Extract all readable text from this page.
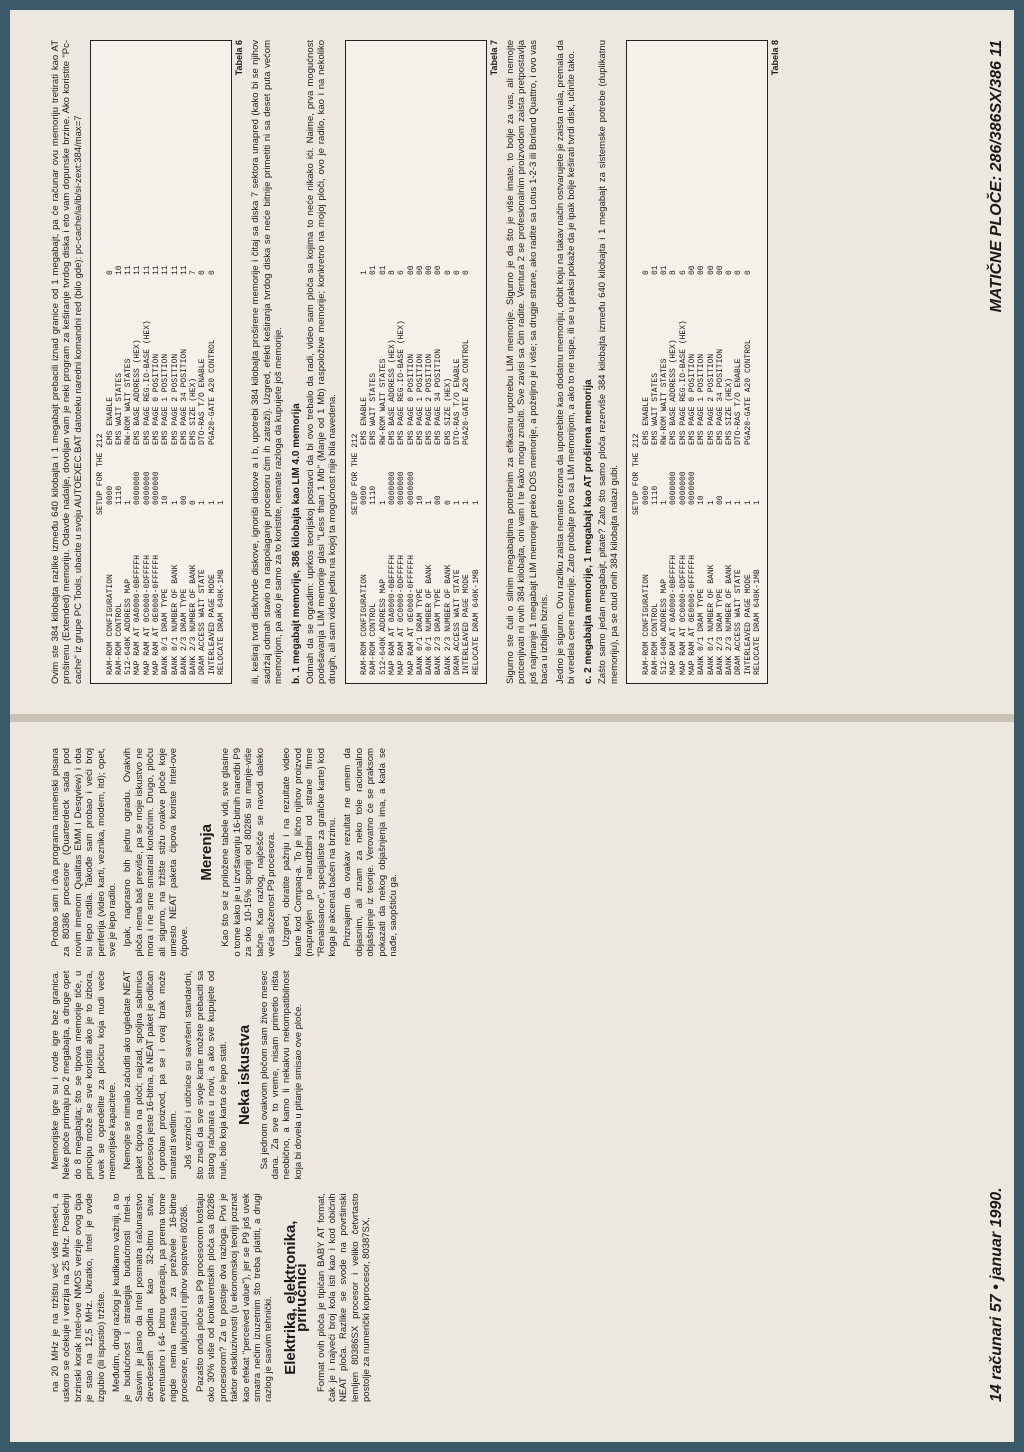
na 20 MHz je na tržištu već više meseci, a uskoro se očekuje i verzija na 25 MHz. Poslednji brzinski korak Intel-ove NMOS verzije ovog čipa je stao na 12,5 MHz. Ukratko, Intel je ovde izgubio (ili ispustio) tržište. Međutim, drugi razlog je kudikamo važniji, a to je budućnost i strategija budućnosti Intel-a. Sasvim je jasno da Intel posmatra računarstvo devedesetih godina kao 32-bitnu stvar, eventualno i 64- bitnu operaciju, pa prema tome nigde nema mesta za preživele 16-bitne procesore, uključujući i njihov sopstveni 80286. Pazašto onda ploče sa P9 procesorom koštaju oko 30% više od konkurentskih ploča sa 80286 procesorom? Za to postoje dva razloga. Prvi je faktor ekskluzivnosti (u ekonomskoj teoriji poznat kao efekat "perceived value"), jer se P9 još uvek smatra nečim izuzetnim što treba platiti, a drugi razlog je sasvim tehnički. Elektrika, elektronika, priručnici Format ovih ploča je tipičan BABY AT format, čak je i najveći broj kola isti kao i kod običnih NEAT ploča. Razlike se svode na površinski lemljen 80386SX procesor i veliko četvrtasto postolje za numerički koprocesor, 80387SX.

Memorijske igre su i ovde igre bez granica. Neke ploče primaju po 2 megabajta, a druge opet do 8 megabajta; što se tipova memorije tiče, u principu može se sve koristiti ako je to izbora, uvek se opredelite za pločicu koja nudi veće memorijske kapacitete. Nemojte se nimalo začuditi ako ugledate NEAT paket čipova na ploči; najzad, spoljna sabirnica procesora jeste 16-bitna, a NEAT paket je odličan i oproban proizvod, pa se i ovaj brak može smatrati svetlim. Još vezničci i utičnice su savršeni standardni, što znači da sve svoje karte možete prebaciti sa starog računara u novi, a ako sve kupujete od nule, bilo koja karta će lepo stati. Neka iskustva Sa jednom ovakvom pločom sam živeo mesec dana. Za sve to vreme, nisam primetio ništa neobično, a kamo li nekakvu nekompatibilnost koja bi dovela u pitanje smisao ove ploče.

Probao sam i dva programa namenski pisana za 80386 procesore (Quarterdeck sada pod novim imenom Qualitas EMM i Desqview) i oba su lepo radila. Takođe sam probao i veći broj periferija (video karti, veznika, modem, itd); opet, sve je lepo radilo. Ipak, naprasno bih jednu ogradu. Ovakvih ploča nema baš previše, pa se moje iskustvo ne mora i ne sme smatrati konačnim. Drugo, ploču ali sigurno, na tržište stižu ovakve ploče koje umesto NEAT paketa čipova koriste Intel-ove čipove.

Merenja Kao što se iz priložene tabele vidi, sve glasine o tome kako je u izvršavanju 16-bitnih naredbi P9 za oko 10-15% sporiji od 80286 su manje-više tačne. Kao razlog, najčešće se navodi daleko veća složenost P9 procesora. Uzgred, obratite pažnju i na rezultate video karte kod Compaq-a. To je lično njihov proizvod (napravljen po narudžbini od strane firme "Renaissance", specijaliste za grafičke karte) kod koga je akcenat bačen na brzinu. Priznajem da ovakav rezultat ne umem da objasnim, ali znam za neko tole racionalno objašnjenje iz teorije. Verovatno će se praksom pokazati da nekog objašnjenja ima, a kada se nađe, saopštiću ga.

14 računari 57 • januar 1990.
Ovim ste 384 kilobajta razlike između 640 kilobajta i 1 megabajt prebacili iznad granice od 1 megabajt, pa će računar ovu memoriju tretirati kao AT proširenu (Extended) memoriju. Odavde nadalje, dovoljan vam je neki program za keširanje tvrdog diska i eto vam dopunske brzine. Ako koristite "Pc-cache" iz grupe PC Tools, ubacite u svoju AUTOEXEC.BAT datoteku naredni komandni red (bilo gde): pc-cache/ia/ib/si-zext:384/max=7 SETUP FOR THE 212
RAM-ROM CONFIGURATION RAM-ROM CONTROL 512-640K ADDRESS MAP MAP RAM AT 0A0000-0BFFFFH MAP RAM AT 0C0000-0DFFFFH MAP RAM AT 0E0000-0FFFFFH BANK 0/1 DRAM TYPE BANK 0/1 NUMBER OF BANK BANK 2/3 DRAM TYPE BANK 2/3 NUMBER OF BANK DRAM ACCESS WAIT STATE INTERLEAVED PAGE MODE RELOCATE DRAM 640K-1MB
0000 1110 1 0000000 0000000 0000000 10 1 00 0 1 1 1
EMS ENABLE EMS WAIT STATES RW-ROM WAIT STATES EMS BASE ADDRESS (HEX) EMS PAGE REG.IO-BASE (HEX) EMS PAGE 0 POSITION EMS PAGE 1 POSITION EMS PAGE 2 POSITION EMS PAGE 34 POSITION EMS SIZE (HEX) DTO-RAS T/O ENABLE PGA20-GATE A20 CONTROL
0 10 11 11 11 11 11 11 11 7 0 0
Tabela 6 ili, keširaj tvrdi disk/tvrde diskove, ignoriši diskove a i b, upotrebi 384 kilobajta proširene memorije i čitaj sa diska 7 sektora unapred (kako bi se njihov sadržaj odmah stavio na raspolaganje procesoru čim ih zatraži). Uzgred, efekti keširanja tvrdog diska se neće bitnije primetiti ni sa deset puta većom memorijom, pa ako je samo za to koristite, nemate razloga da kupujete još memorije. b. 1 megabajt memorije, 386 kilobajta kao LIM 4.0 memorija Odmah da se ogradim: uprkos teorijskoj postavci da bi ovo trebalo da radi, video sam ploča sa kojima to neće nikako ići. Naime, prva mogućnost podešavanja LIM memorije glasi "Less than 1 Mb" (Manje od 1 Mb) raspoložive memorije; konkretno na mojoj ploči, ovo je radilo, kao i na nekoliko drugih, ali sam video jednu na kojoj ta mogućnost nije bila navedena. SETUP FOR THE 212
RAM-ROM CONFIGURATION RAM-ROM CONTROL 512-640K ADDRESS MAP MAP RAM AT 0A0000-0BFFFFH MAP RAM AT 0C0000-0DFFFFH MAP RAM AT 0E0000-0FFFFFH BANK 0/1 DRAM TYPE BANK 0/1 NUMBER OF BANK BANK 2/3 DRAM TYPE BANK 2/3 NUMBER OF BANK DRAM ACCESS WAIT STATE INTERLEAVED PAGE MODE RELOCATE DRAM 640K-1MB
0000 1110 1 0000000 0000000 0000000 10 1 00 0 1 1 1
EMS ENABLE EMS WAIT STATES RW-ROM WAIT STATES EMS BASE ADDRESS (HEX) EMS PAGE REG.IO-BASE (HEX) EMS PAGE 0 POSITION EMS PAGE 1 POSITION EMS PAGE 2 POSITION EMS PAGE 34 POSITION EMS SIZE (HEX) DTO-RAS T/O ENABLE PGA20-GATE A20 CONTROL
1 01 01 8 6 00 00 00 00 0 0 0
Tabela 7 Sigurno ste čuli o silnim megabajtima potrebnim za efikasnu upotrebu LIM memorije. Sigurno je da što je više imate, to bolje za vas, ali nemojte potcenjivati ni ovih 384 kilobajta, oni vam i te kako mogu značiti. Sve zavisi sa čim radite. Ventura 2 se profesionalnim proizvodom zaista pretpostavlja još najmanje 1 megabajt LIM memorije preko DOS memorije, a poželjno je i više; sa drugje strane, ako radite sa Lotus 1-2-3 ili Borland Quattro, i ovo vas baca u izbiljan biznis. Jedno je sigurno. Ovu razliku zaista nemate rezona da upotrebite kao dodatnu memoriju, dobit koju na takav način ostvarujete je zaista mala, premala da bi vredela cene memorije. Zato probajte prvo sa LIM memorijom, a ako to ne uspe, ili se u praksi pokaže da je ipak bolje keširati tvrdi disk, učinite tako. c. 2 megabajta memorije, 1 megabajt kao AT proširena memorija Zašto samo jedan megabajt, pitate? Zato što samo ploča rezerviše 384 kilobajta između 640 kilobajta i 1 megabajt za sistemske potrebe (duplikatnu memoriju), pa se otud onih 384 kilobajta nalazi gubi. SETUP FOR THE 212
RAM-ROM CONFIGURATION RAM-ROM CONTROL 512-640K ADDRESS MAP MAP RAM AT 0A0000-0BFFFFH MAP RAM AT 0C0000-0DFFFFH MAP RAM AT 0E0000-0FFFFFH BANK 0/1 DRAM TYPE BANK 0/1 NUMBER OF BANK BANK 2/3 DRAM TYPE BANK 2/3 NUMBER OF BANK DRAM ACCESS WAIT STATE INTERLEAVED PAGE MODE RELOCATE DRAM 640K-1MB
0000 1110 1 0000000 0000000 0000000 10 1 00 1 1 1 1
EMS ENABLE EMS WAIT STATES RW-ROM WAIT STATES EMS BASE ADDRESS (HEX) EMS PAGE REG.IO-BASE (HEX) EMS PAGE 0 POSITION EMS PAGE 1 POSITION EMS PAGE 2 POSITION EMS PAGE 34 POSITION EMS SIZE (HEX) DTO-RAS T/O ENABLE PGA20-GATE A20 CONTROL
0 01 01 8 6 00 00 00 00 0 0 0
Tabela 8	MATIČNE PLOČE: 286/386SX/386 11
